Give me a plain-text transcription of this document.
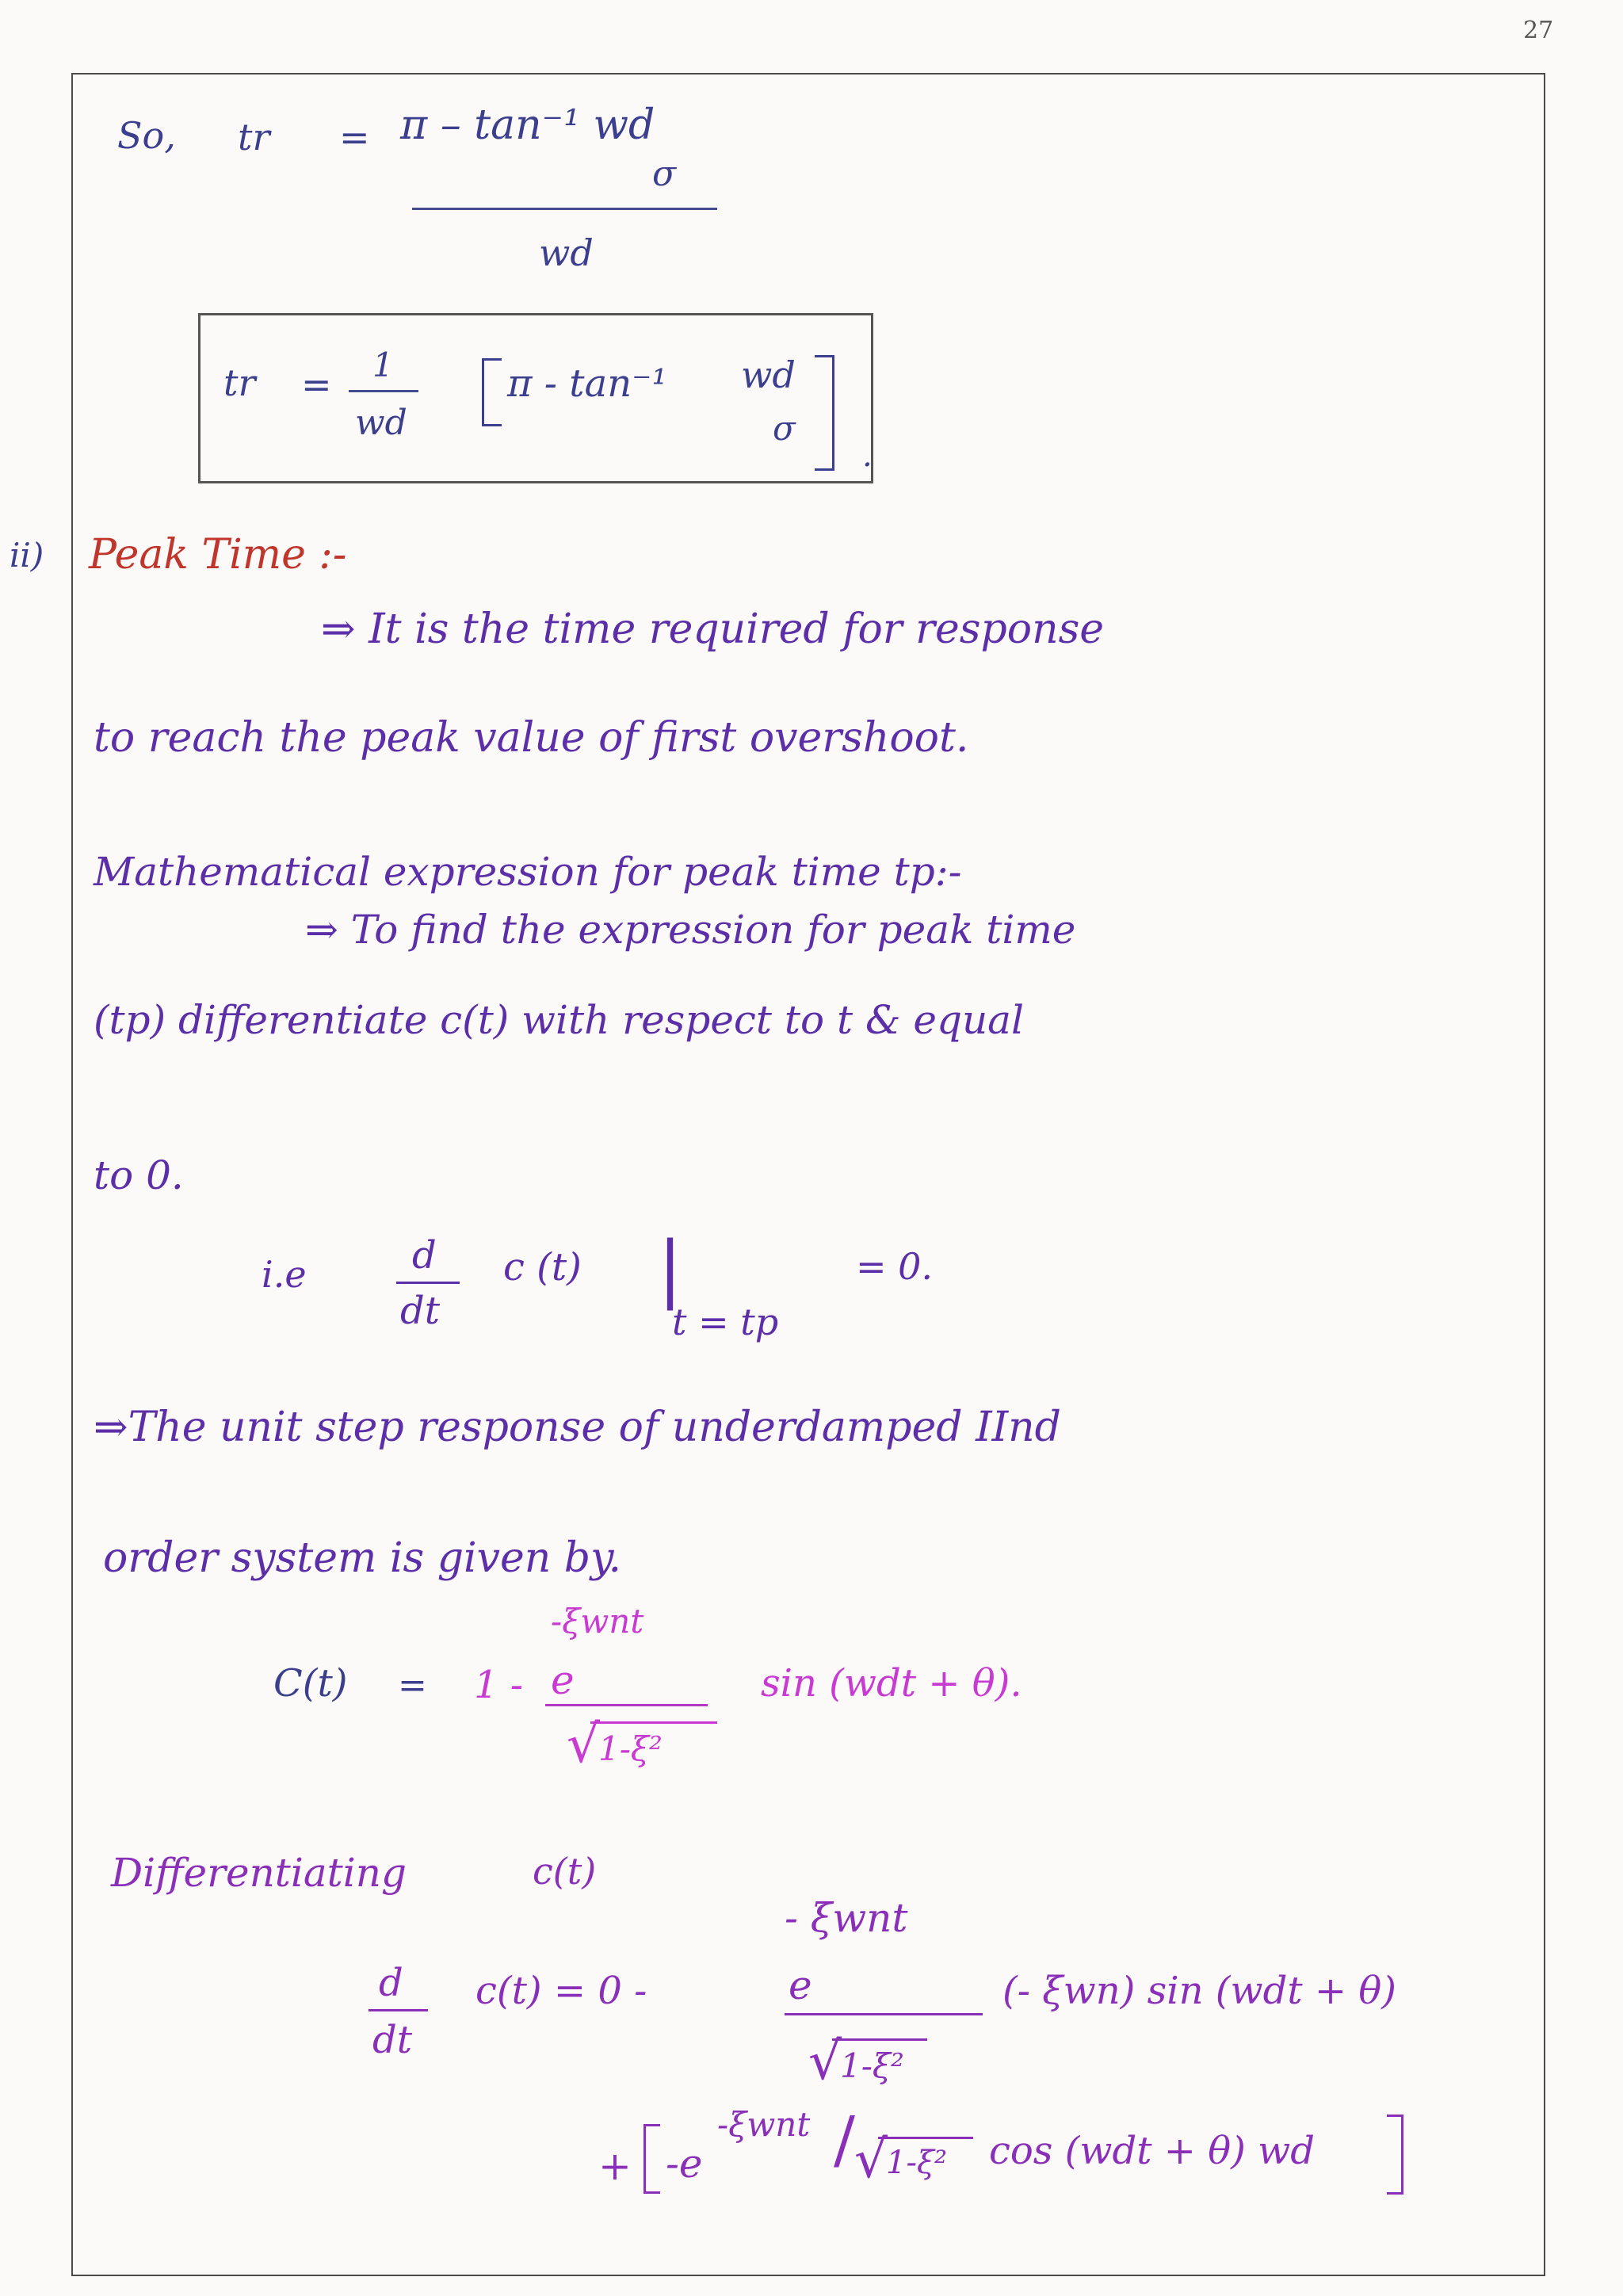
27
So, tr = π – tan⁻¹ wd
σ
wd
tr = 1
wd
π - tan⁻¹ wd
σ
.
ii) Peak Time :-
⇒ It is the time required for response
to reach the peak value of first overshoot.
Mathematical expression for peak time tp:-
⇒ To find the expression for peak time
(tp) differentiate c(t) with respect to t & equal
to 0.
i.e	d
dt
c (t) |
t = tp
= 0.
⇒The unit step response of underdamped IInd
order system is given by.
C(t) = 1 -
-ξwnt
e
√
1-ξ²
sin (wdt + θ).
Differentiating	c(t)
- ξwnt
d
dt
c(t) = 0 -	e	(- ξwn) sin (wdt + θ)
√
1-ξ²
+ -e
-ξwnt / √
1-ξ² cos (wdt + θ) wd
